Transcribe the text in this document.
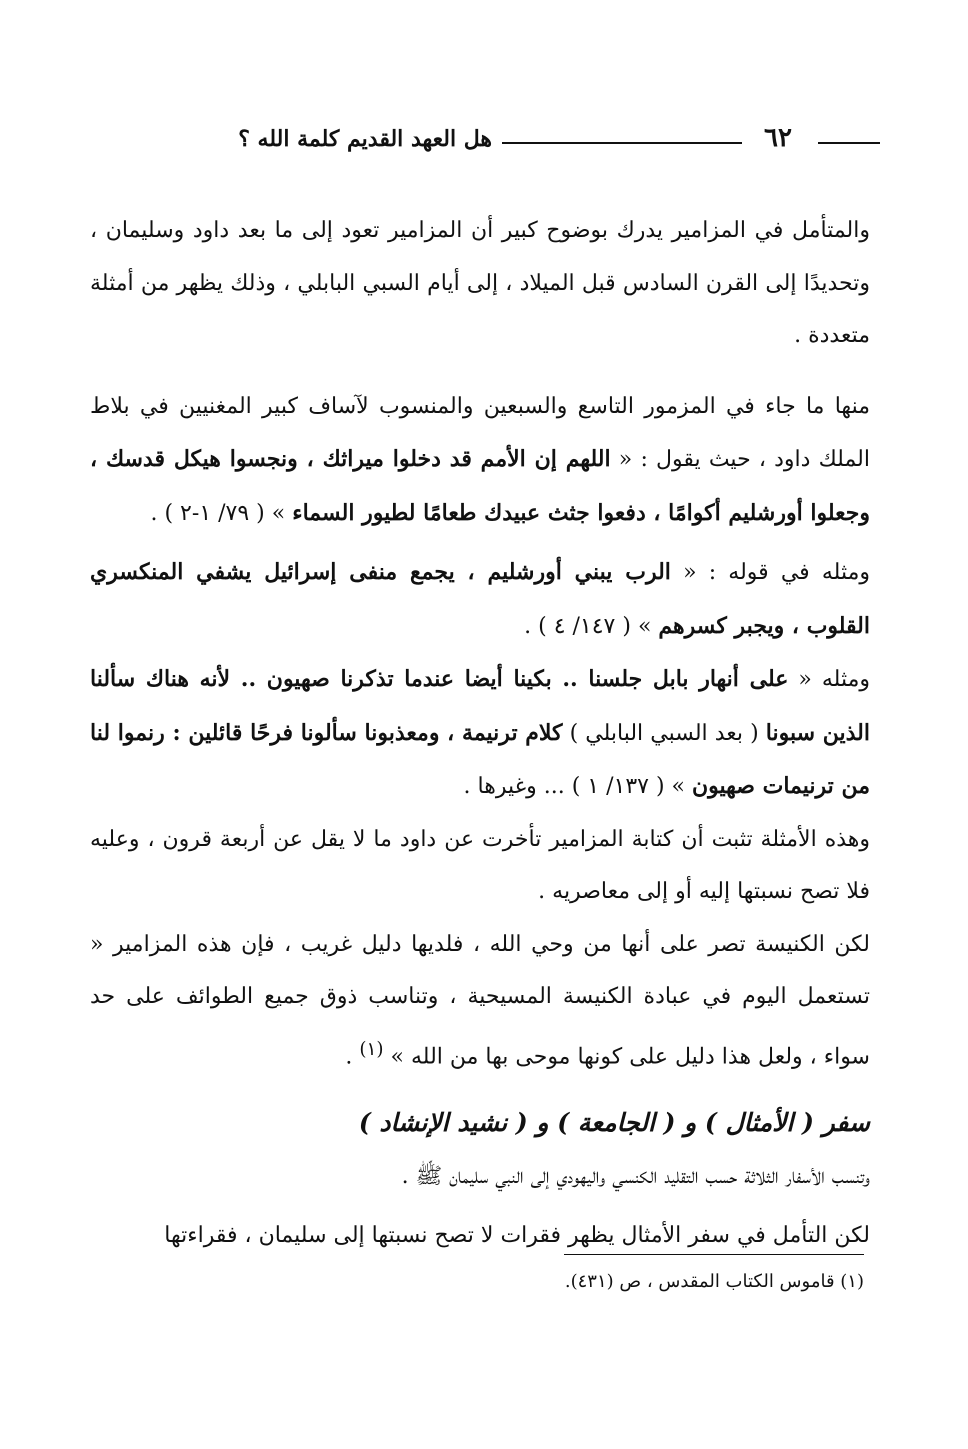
٦٢
هل العهد القديم كلمة الله ؟

والمتأمل في المزامير يدرك بوضوح كبير أن المزامير تعود إلى ما بعد داود وسليمان ، وتحديدًا إلى القرن السادس قبل الميلاد ، إلى أيام السبي البابلي ، وذلك يظهر من أمثلة متعددة .

منها ما جاء في المزمور التاسع والسبعين والمنسوب لآساف كبير المغنيين في بلاط الملك داود ، حيث يقول : « اللهم إن الأمم قد دخلوا ميراثك ، ونجسوا هيكل قدسك ، وجعلوا أورشليم أكوامًا ، دفعوا جثث عبيدك طعامًا لطيور السماء » ( ٧٩/ ١-٢ ) .

ومثله في قوله : « الرب يبني أورشليم ، يجمع منفى إسرائيل يشفي المنكسري القلوب ، ويجبر كسرهم » ( ١٤٧/ ٤ ) .

ومثله « على أنهار بابل جلسنا .. بكينا أيضا عندما تذكرنا صهيون .. لأنه هناك سألنا الذين سبونا ( بعد السبي البابلي ) كلام ترنيمة ، ومعذبونا سألونا فرحًا قائلين : رنموا لنا من ترنيمات صهيون » ( ١٣٧/ ١ ) ... وغيرها .

وهذه الأمثلة تثبت أن كتابة المزامير تأخرت عن داود ما لا يقل عن أربعة قرون ، وعليه فلا تصح نسبتها إليه أو إلى معاصريه .

لكن الكنيسة تصر على أنها من وحي الله ، فلديها دليل غريب ، فإن هذه المزامير « تستعمل اليوم في عبادة الكنيسة المسيحية ، وتناسب ذوق جميع الطوائف على حد سواء ، ولعل هذا دليل على كونها موحى بها من الله » $^{(١)}$ .

سفر ( الأمثال ) و ( الجامعة ) و ( نشيد الإنشاد )

وتنسب الأسفار الثلاثة حسب التقليد الكنسي واليهودي إلى النبي سليمان ﷺ .

لكن التأمل في سفر الأمثال يظهر فقرات لا تصح نسبتها إلى سليمان ، فقراءتها

(١) قاموس الكتاب المقدس ، ص (٤٣١).
